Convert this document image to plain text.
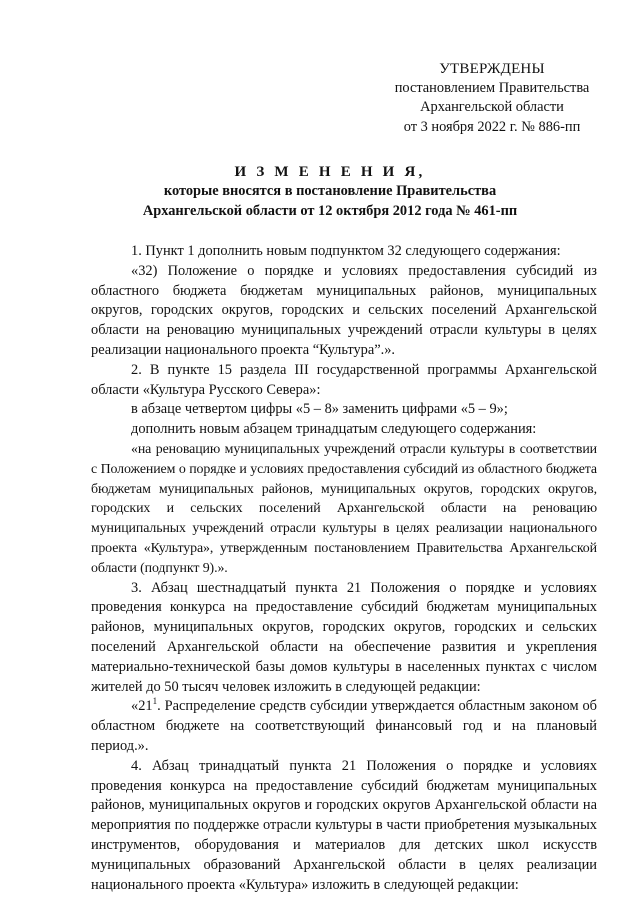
УТВЕРЖДЕНЫ
постановлением Правительства
Архангельской области
от 3 ноября 2022 г. № 886-пп
И З М Е Н Е Н И Я,
которые вносятся в постановление Правительства
Архангельской области от 12 октября 2012 года № 461-пп

1. Пункт 1 дополнить новым подпунктом 32 следующего содержания:

«32) Положение о порядке и условиях предоставления субсидий из областного бюджета бюджетам муниципальных районов, муниципальных округов, городских округов, городских и сельских поселений Архангельской области на реновацию муниципальных учреждений отрасли культуры в целях реализации национального проекта “Культура”.».

2. В пункте 15 раздела III государственной программы Архангельской области «Культура Русского Севера»:

в абзаце четвертом цифры «5 – 8» заменить цифрами «5 – 9»;

дополнить новым абзацем тринадцатым следующего содержания:

«на реновацию муниципальных учреждений отрасли культуры в соответствии с Положением о порядке и условиях предоставления субсидий из областного бюджета бюджетам муниципальных районов, муниципальных округов, городских округов, городских и сельских поселений Архангельской области на реновацию муниципальных учреждений отрасли культуры в целях реализации национального проекта «Культура», утвержденным постановлением Правительства Архангельской области (подпункт 9).».

3. Абзац шестнадцатый пункта 21 Положения о порядке и условиях проведения конкурса на предоставление субсидий бюджетам муниципальных районов, муниципальных округов, городских округов, городских и сельских поселений Архангельской области на обеспечение развития и укрепления материально-технической базы домов культуры в населенных пунктах с числом жителей до 50 тысяч человек изложить в следующей редакции:

«$21^1$. Распределение средств субсидии утверждается областным законом об областном бюджете на соответствующий финансовый год и на плановый период.».

4. Абзац тринадцатый пункта 21 Положения о порядке и условиях проведения конкурса на предоставление субсидий бюджетам муниципальных районов, муниципальных округов и городских округов Архангельской области на мероприятия по поддержке отрасли культуры в части приобретения музыкальных инструментов, оборудования и материалов для детских школ искусств муниципальных образований Архангельской области в целях реализации национального проекта «Культура» изложить в следующей редакции:
